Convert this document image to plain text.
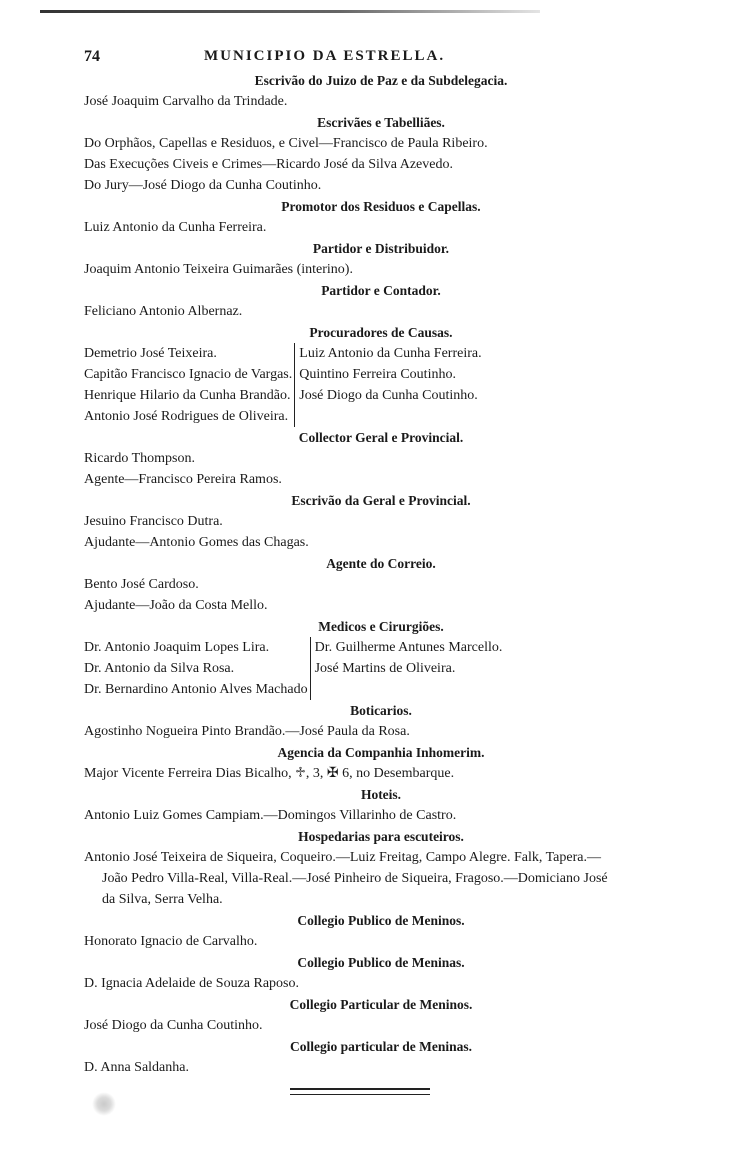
74	MUNICIPIO DA ESTRELLA.
Escrivão do Juizo de Paz e da Subdelegacia.
José Joaquim Carvalho da Trindade.
Escrivães e Tabelliães.
Do Orphãos, Capellas e Residuos, e Civel—Francisco de Paula Ribeiro.
Das Execuções Civeis e Crimes—Ricardo José da Silva Azevedo.
Do Jury—José Diogo da Cunha Coutinho.
Promotor dos Residuos e Capellas.
Luiz Antonio da Cunha Ferreira.
Partidor e Distribuidor.
Joaquim Antonio Teixeira Guimarães (interino).
Partidor e Contador.
Feliciano Antonio Albernaz.
Procuradores de Causas.
Demetrio José Teixeira.
Capitão Francisco Ignacio de Vargas.
Henrique Hilario da Cunha Brandão.
Antonio José Rodrigues de Oliveira.
Luiz Antonio da Cunha Ferreira.
Quintino Ferreira Coutinho.
José Diogo da Cunha Coutinho.
Collector Geral e Provincial.
Ricardo Thompson.
Agente—Francisco Pereira Ramos.
Escrivão da Geral e Provincial.
Jesuino Francisco Dutra.
Ajudante—Antonio Gomes das Chagas.
Agente do Correio.
Bento José Cardoso.
Ajudante—João da Costa Mello.
Medicos e Cirurgiões.
Dr. Antonio Joaquim Lopes Lira.
Dr. Antonio da Silva Rosa.
Dr. Bernardino Antonio Alves Machado
Dr. Guilherme Antunes Marcello.
José Martins de Oliveira.
Boticarios.
Agostinho Nogueira Pinto Brandão.—José Paula da Rosa.
Agencia da Companhia Inhomerim.
Major Vicente Ferreira Dias Bicalho, ♱, 3, ✠ 6, no Desembarque.
Hoteis.
Antonio Luiz Gomes Campiam.—Domingos Villarinho de Castro.
Hospedarias para escuteiros.
Antonio José Teixeira de Siqueira, Coqueiro.—Luiz Freitag, Campo Alegre. Falk, Tapera.—João Pedro Villa-Real, Villa-Real.—José Pinheiro de Siqueira, Fragoso.—Domiciano José da Silva, Serra Velha.
Collegio Publico de Meninos.
Honorato Ignacio de Carvalho.
Collegio Publico de Meninas.
D. Ignacia Adelaide de Souza Raposo.
Collegio Particular de Meninos.
José Diogo da Cunha Coutinho.
Collegio particular de Meninas.
D. Anna Saldanha.
